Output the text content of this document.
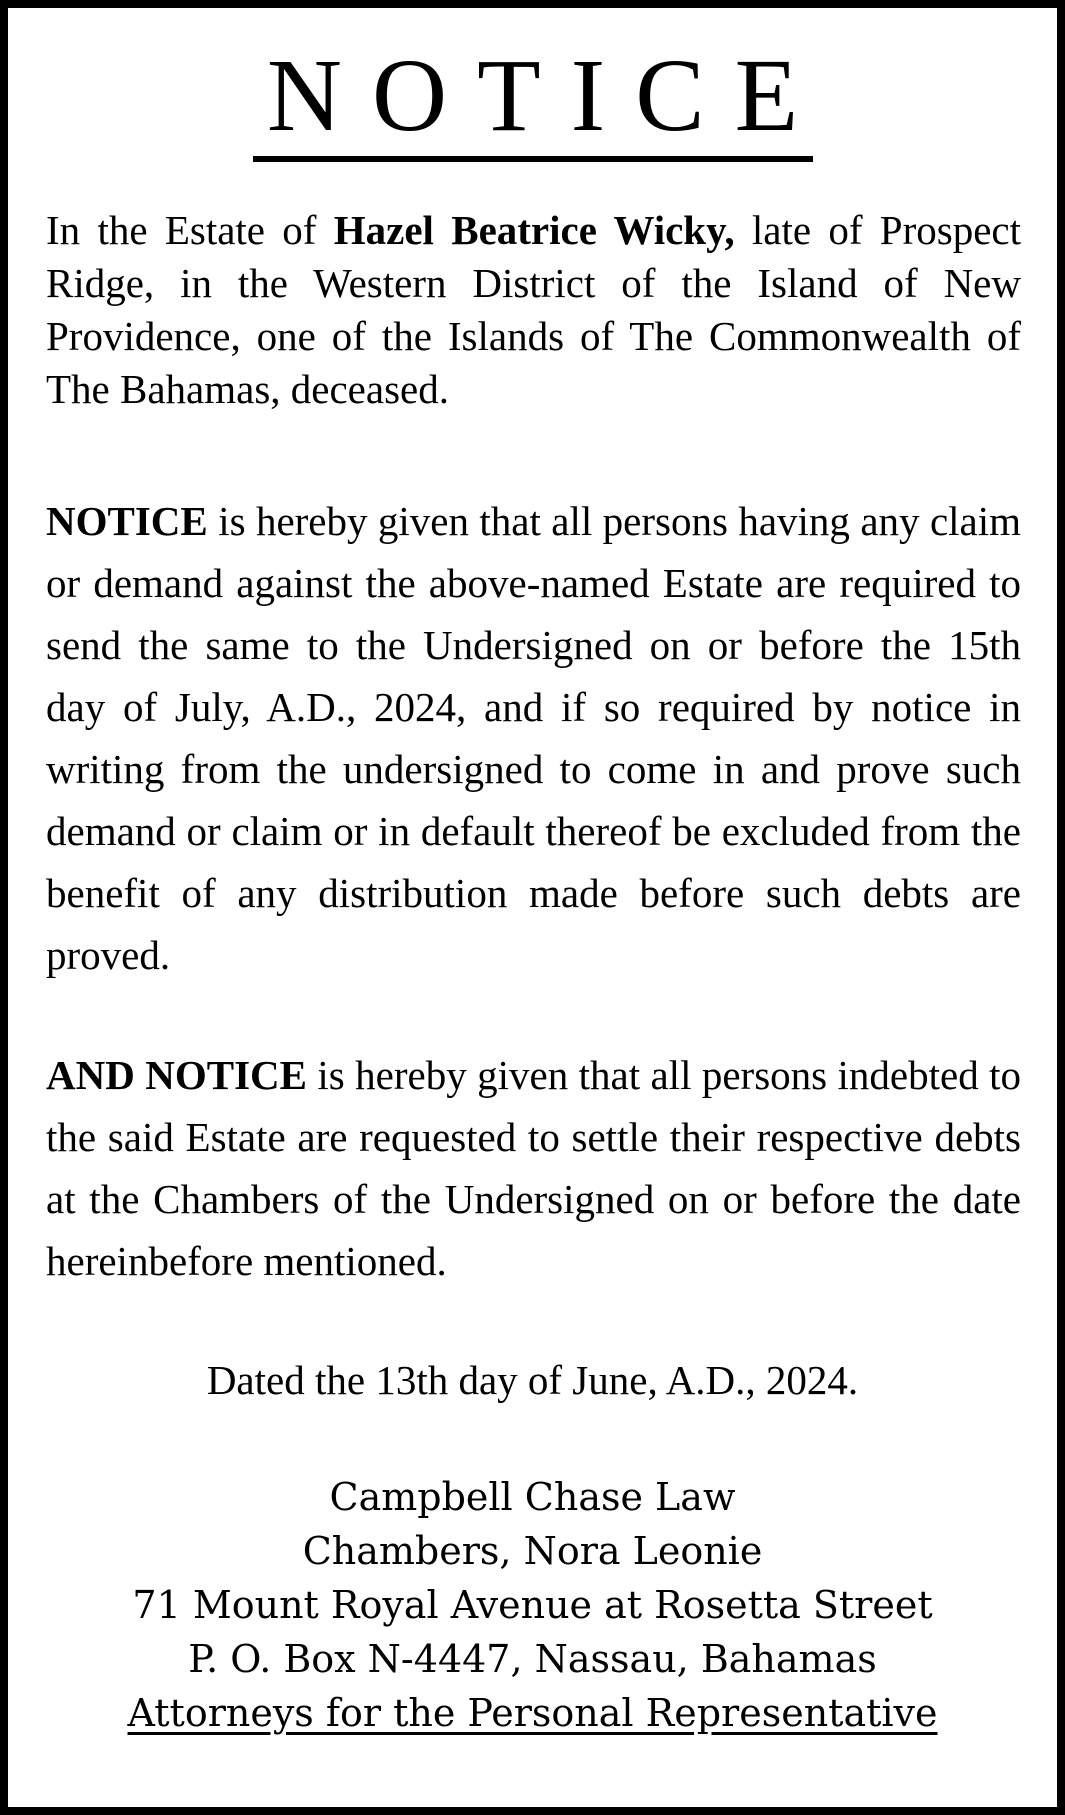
NOTICE
In the Estate of Hazel Beatrice Wicky, late of Prospect Ridge, in the Western District of the Island of New Providence, one of the Islands of The Commonwealth of The Bahamas, deceased.
NOTICE is hereby given that all persons having any claim or demand against the above-named Estate are required to send the same to the Undersigned on or before the 15th day of July, A.D., 2024, and if so required by notice in writing from the undersigned to come in and prove such demand or claim or in default thereof be excluded from the benefit of any distribution made before such debts are proved.
AND NOTICE is hereby given that all persons indebted to the said Estate are requested to settle their respective debts at the Chambers of the Undersigned on or before the date hereinbefore mentioned.
Dated the 13th day of June, A.D., 2024.
Campbell Chase Law
Chambers, Nora Leonie
71 Mount Royal Avenue at Rosetta Street
P. O. Box N-4447, Nassau, Bahamas
Attorneys for the Personal Representative
